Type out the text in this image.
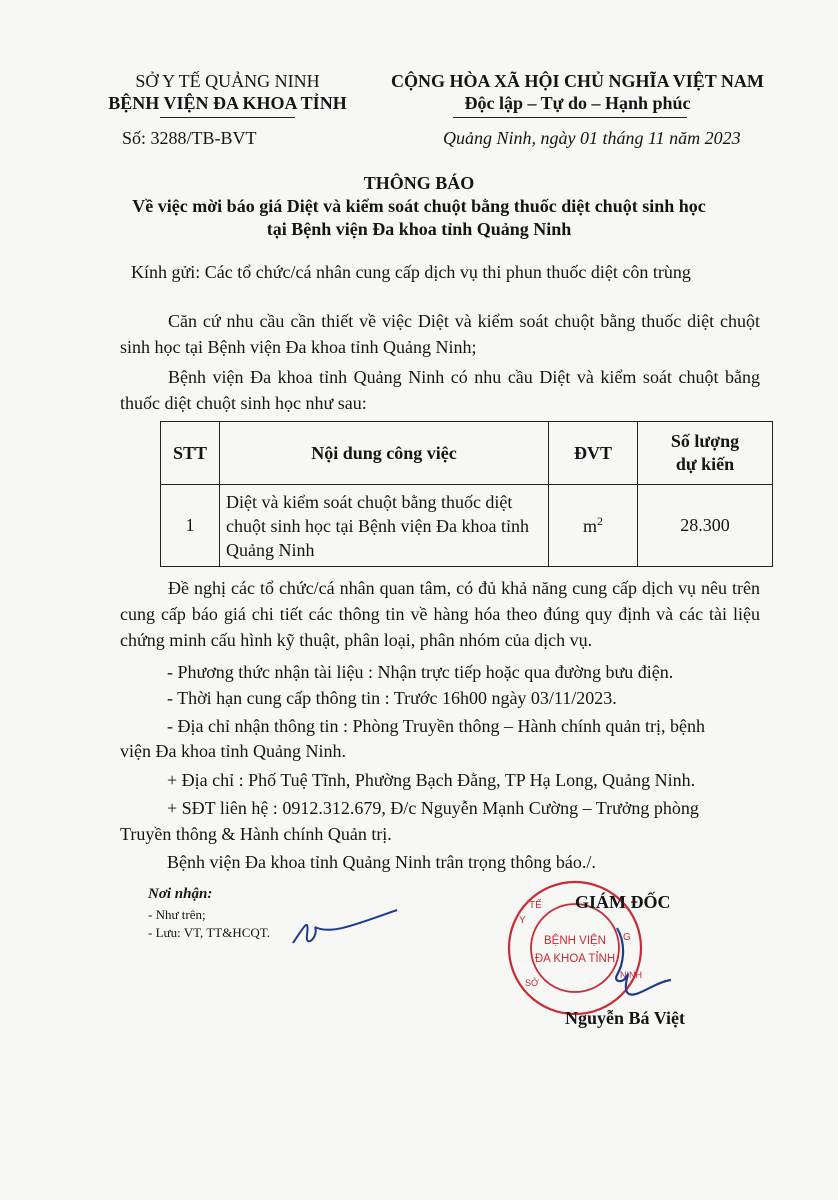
SỞ Y TẾ QUẢNG NINH
BỆNH VIỆN ĐA KHOA TỈNH
Số: 3288/TB-BVT
CỘNG HÒA XÃ HỘI CHỦ NGHĨA VIỆT NAM
Độc lập – Tự do – Hạnh phúc
Quảng Ninh, ngày 01 tháng 11 năm 2023
THÔNG BÁO
Về việc mời báo giá Diệt và kiểm soát chuột bằng thuốc diệt chuột sinh học
tại Bệnh viện Đa khoa tỉnh Quảng Ninh
Kính gửi: Các tổ chức/cá nhân cung cấp dịch vụ thi phun thuốc diệt côn trùng
Căn cứ nhu cầu cần thiết về việc Diệt và kiểm soát chuột bằng thuốc diệt chuột sinh học tại Bệnh viện Đa khoa tỉnh Quảng Ninh;
Bệnh viện Đa khoa tỉnh Quảng Ninh có nhu cầu Diệt và kiểm soát chuột bằng thuốc diệt chuột sinh học như sau:
STT	Nội dung công việc	ĐVT	Số lượng
dự kiến

1	Diệt và kiểm soát chuột bằng thuốc diệt chuột sinh học tại Bệnh viện Đa khoa tỉnh Quảng Ninh	$m^2$	28.300
Đề nghị các tổ chức/cá nhân quan tâm, có đủ khả năng cung cấp dịch vụ nêu trên cung cấp báo giá chi tiết các thông tin về hàng hóa theo đúng quy định và các tài liệu chứng minh cấu hình kỹ thuật, phân loại, phân nhóm của dịch vụ.
- Phương thức nhận tài liệu : Nhận trực tiếp hoặc qua đường bưu điện.
- Thời hạn cung cấp thông tin : Trước 16h00 ngày 03/11/2023.
- Địa chỉ nhận thông tin : Phòng Truyền thông – Hành chính quản trị, bệnh
viện Đa khoa tỉnh Quảng Ninh.
+ Địa chỉ : Phố Tuệ Tĩnh, Phường Bạch Đằng, TP Hạ Long, Quảng Ninh.
+ SĐT liên hệ : 0912.312.679, Đ/c Nguyễn Mạnh Cường – Trưởng phòng
Truyền thông & Hành chính Quản trị.
Bệnh viện Đa khoa tỉnh Quảng Ninh trân trọng thông báo./.
Nơi nhận:
- Như trên;
- Lưu: VT, TT&HCQT.
Y
TẾ
G
NINH
SỞ
BỆNH VIỆN
ĐA KHOA TỈNH
GIÁM ĐỐC
Nguyễn Bá Việt
